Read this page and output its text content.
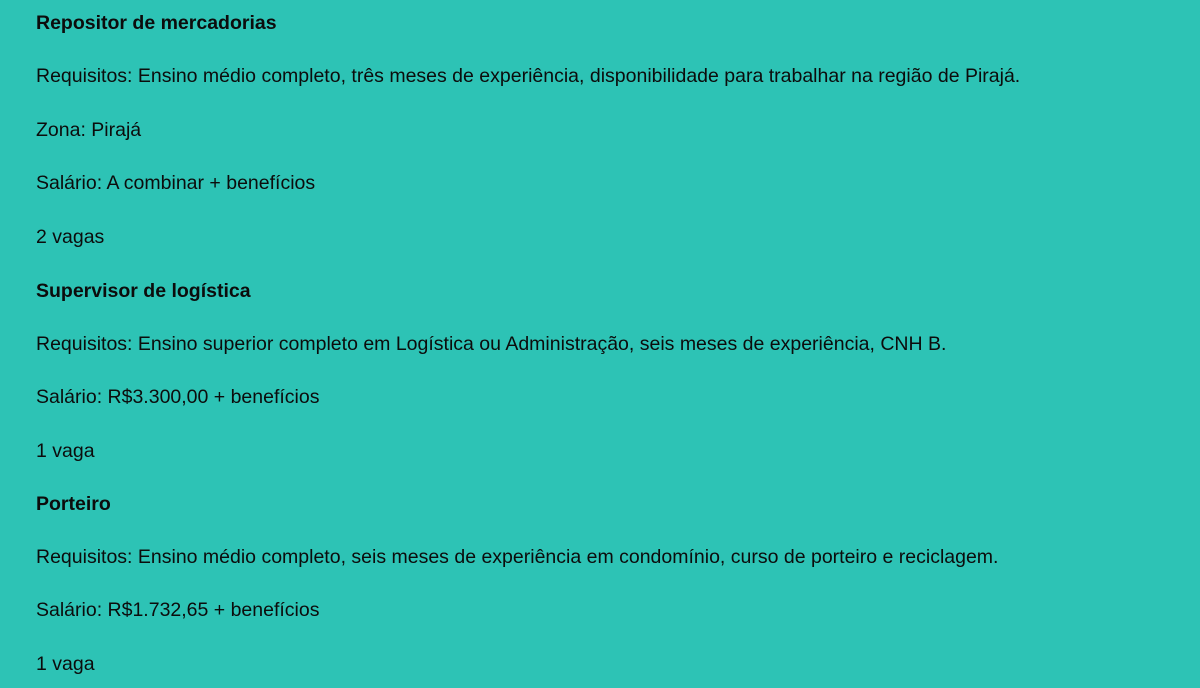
Repositor de mercadorias

Requisitos: Ensino médio completo, três meses de experiência, disponibilidade para trabalhar na região de Pirajá.

Zona: Pirajá

Salário: A combinar + benefícios

2 vagas

Supervisor de logística

Requisitos: Ensino superior completo em Logística ou Administração, seis meses de experiência, CNH B.

Salário: R$3.300,00 + benefícios

1 vaga

Porteiro

Requisitos: Ensino médio completo, seis meses de experiência em condomínio, curso de porteiro e reciclagem.

Salário: R$1.732,65 + benefícios

1 vaga
